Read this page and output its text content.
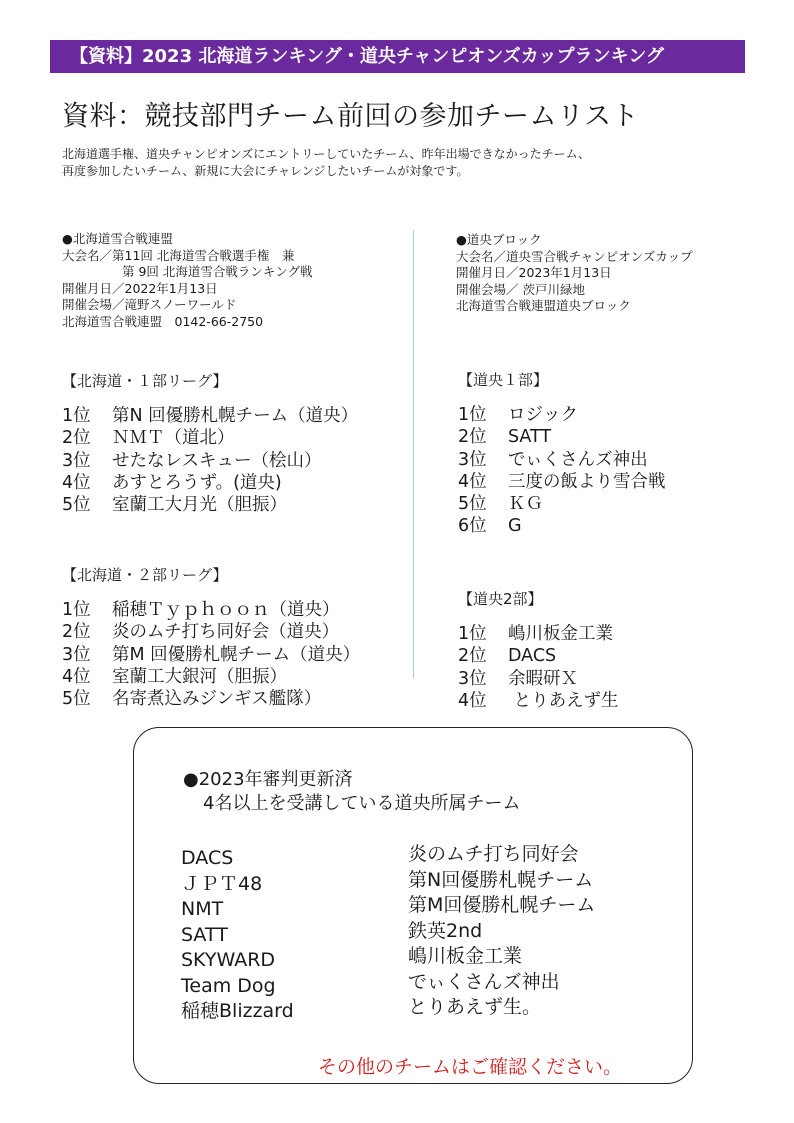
【資料】2023 北海道ランキング・道央チャンピオンズカップランキング
資料：競技部門チーム前回の参加チームリスト
北海道選手権、道央チャンピオンズにエントリーしていたチーム、昨年出場できなかったチーム、
再度参加したいチーム、新規に大会にチャレンジしたいチームが対象です。
●北海道雪合戦連盟
大会名／第11回 北海道雪合戦選手権　兼
第 9回 北海道雪合戦ランキング戦
開催月日／2022年1月13日
開催会場／滝野スノーワールド
北海道雪合戦連盟　0142-66-2750
●道央ブロック
大会名／道央雪合戦チャンピオンズカップ
開催月日／2023年1月13日
開催会場／ 茨戸川緑地
北海道雪合戦連盟道央ブロック
【北海道・１部リーグ】
1位	第N 回優勝札幌チーム（道央）
2位	ＮＭＴ（道北）
3位	せたなレスキュー（桧山）
4位	あすとろうず。(道央)
5位	室蘭工大月光（胆振）
【北海道・２部リーグ】
1位	稲穂Ｔｙｐｈｏｏｎ（道央）
2位	炎のムチ打ち同好会（道央）
3位	第M 回優勝札幌チーム（道央）
4位	室蘭工大銀河（胆振）
5位	名寄煮込みジンギス艦隊）
【道央１部】
1位	ロジック
2位	SATT
3位	でぃくさんズ神出
4位	三度の飯より雪合戦
5位	ＫＧ
6位	G
【道央2部】
1位	嶋川板金工業
2位	DACS
3位	余暇研Ｘ
4位	とりあえず生
●2023年審判更新済
4名以上を受講している道央所属チーム
DACS
ＪＰＴ48
NMT
SATT
SKYWARD
Team Dog
稲穂Blizzard
炎のムチ打ち同好会
第N回優勝札幌チーム
第M回優勝札幌チーム
鉄英2nd
嶋川板金工業
でぃくさんズ神出
とりあえず生。
その他のチームはご確認ください。
